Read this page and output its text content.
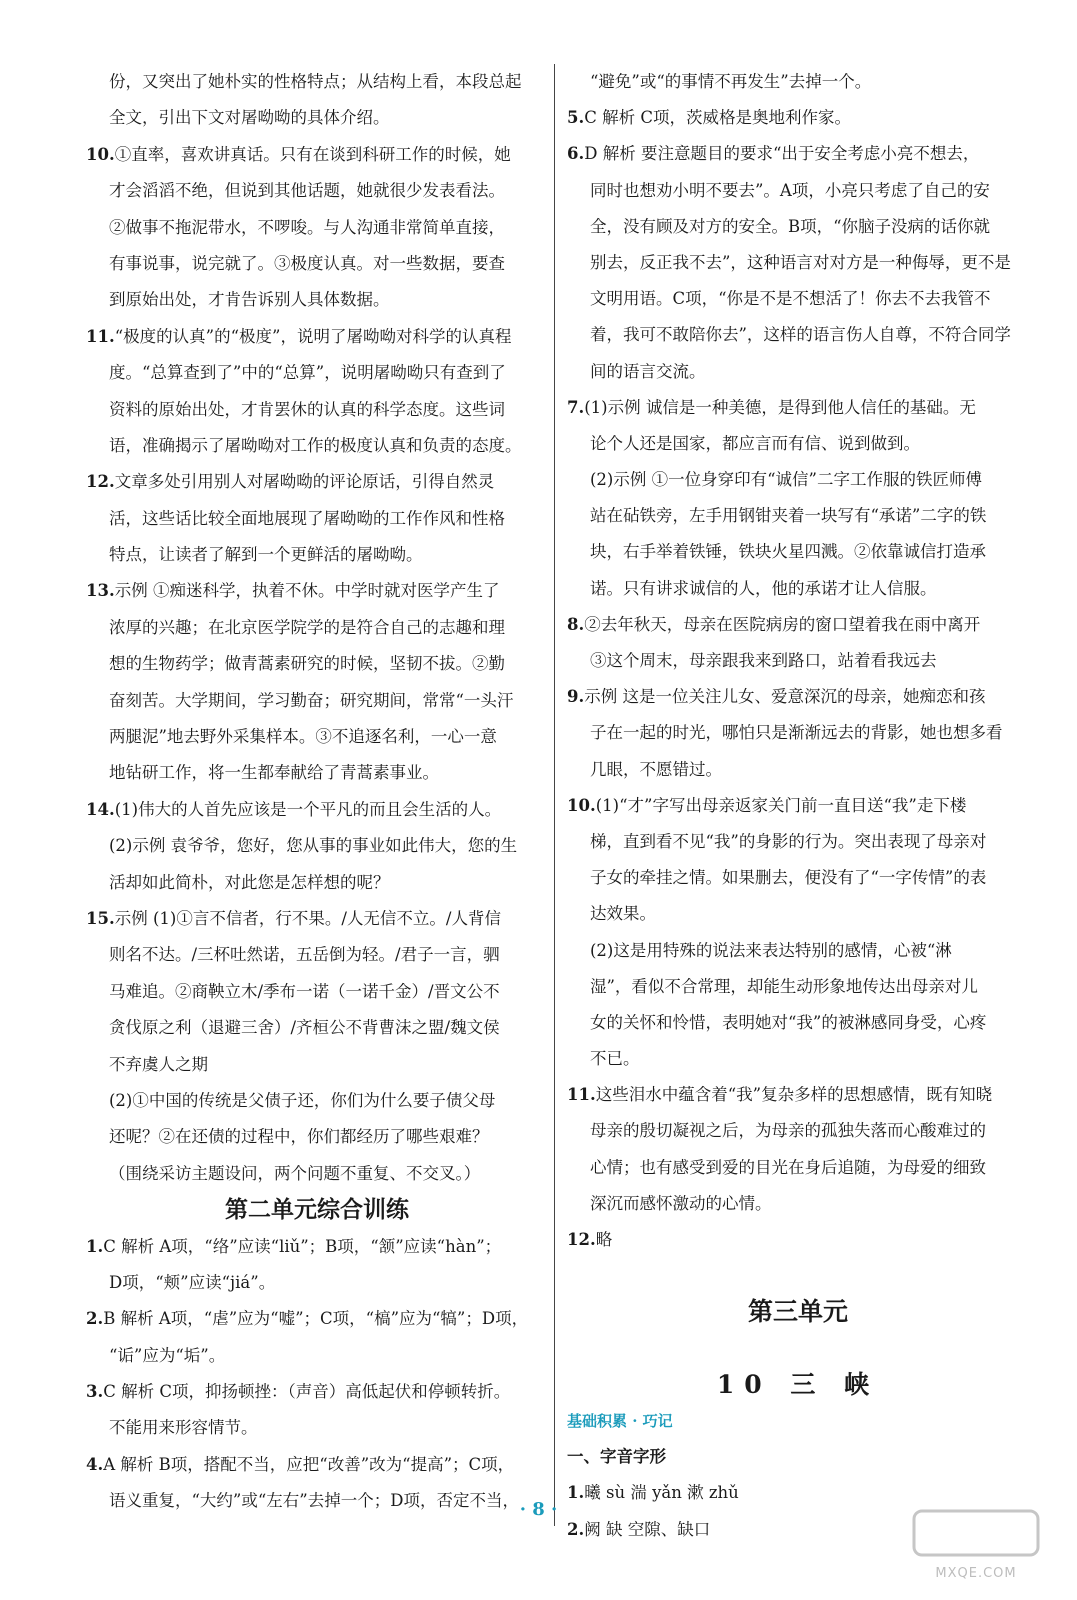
份，又突出了她朴实的性格特点；从结构上看，本段总起
全文，引出下文对屠呦呦的具体介绍。
10.①直率，喜欢讲真话。只有在谈到科研工作的时候，她
才会滔滔不绝，但说到其他话题，她就很少发表看法。
②做事不拖泥带水，不啰唆。与人沟通非常简单直接，
有事说事，说完就了。③极度认真。对一些数据，要查
到原始出处，才肯告诉别人具体数据。
11.“极度的认真”的“极度”，说明了屠呦呦对科学的认真程
度。“总算查到了”中的“总算”，说明屠呦呦只有查到了
资料的原始出处，才肯罢休的认真的科学态度。这些词
语，准确揭示了屠呦呦对工作的极度认真和负责的态度。
12.文章多处引用别人对屠呦呦的评论原话，引得自然灵
活，这些话比较全面地展现了屠呦呦的工作作风和性格
特点，让读者了解到一个更鲜活的屠呦呦。
13.示例 ①痴迷科学，执着不休。中学时就对医学产生了
浓厚的兴趣；在北京医学院学的是符合自己的志趣和理
想的生物药学；做青蒿素研究的时候，坚韧不拔。②勤
奋刻苦。大学期间，学习勤奋；研究期间，常常“一头汗
两腿泥”地去野外采集样本。③不追逐名利，一心一意
地钻研工作，将一生都奉献给了青蒿素事业。
14.(1)伟大的人首先应该是一个平凡的而且会生活的人。
(2)示例 袁爷爷，您好，您从事的事业如此伟大，您的生
活却如此简朴，对此您是怎样想的呢？
15.示例 (1)①言不信者，行不果。/人无信不立。/人背信
则名不达。/三杯吐然诺，五岳倒为轻。/君子一言，驷
马难追。②商鞅立木/季布一诺（一诺千金）/晋文公不
贪伐原之利（退避三舍）/齐桓公不背曹沫之盟/魏文侯
不弃虞人之期
(2)①中国的传统是父债子还，你们为什么要子债父母
还呢？②在还债的过程中，你们都经历了哪些艰难？
（围绕采访主题设问，两个问题不重复、不交叉。）
第二单元综合训练
1.C 解析 A项，“络”应读“liǔ”；B项，“颔”应读“hàn”；
D项，“颊”应读“jiá”。
2.B 解析 A项，“虐”应为“嘘”；C项，“槁”应为“犒”；D项，
“诟”应为“垢”。
3.C 解析 C项，抑扬顿挫：（声音）高低起伏和停顿转折。
不能用来形容情节。
4.A 解析 B项，搭配不当，应把“改善”改为“提高”；C项，
语义重复，“大约”或“左右”去掉一个；D项，否定不当，
“避免”或“的事情不再发生”去掉一个。
5.C 解析 C项，茨威格是奥地利作家。
6.D 解析 要注意题目的要求“出于安全考虑小亮不想去，
同时也想劝小明不要去”。A项，小亮只考虑了自己的安
全，没有顾及对方的安全。B项，“你脑子没病的话你就
别去，反正我不去”，这种语言对对方是一种侮辱，更不是
文明用语。C项，“你是不是不想活了！你去不去我管不
着，我可不敢陪你去”，这样的语言伤人自尊，不符合同学
间的语言交流。
7.(1)示例 诚信是一种美德，是得到他人信任的基础。无
论个人还是国家，都应言而有信、说到做到。
(2)示例 ①一位身穿印有“诚信”二字工作服的铁匠师傅
站在砧铁旁，左手用钢钳夹着一块写有“承诺”二字的铁
块，右手举着铁锤，铁块火星四溅。②依靠诚信打造承
诺。只有讲求诚信的人，他的承诺才让人信服。
8.②去年秋天，母亲在医院病房的窗口望着我在雨中离开
③这个周末，母亲跟我来到路口，站着看我远去
9.示例 这是一位关注儿女、爱意深沉的母亲，她痴恋和孩
子在一起的时光，哪怕只是渐渐远去的背影，她也想多看
几眼，不愿错过。
10.(1)“才”字写出母亲返家关门前一直目送“我”走下楼
梯，直到看不见“我”的身影的行为。突出表现了母亲对
子女的牵挂之情。如果删去，便没有了“一字传情”的表
达效果。
(2)这是用特殊的说法来表达特别的感情，心被“淋
湿”，看似不合常理，却能生动形象地传达出母亲对儿
女的关怀和怜惜，表明她对“我”的被淋感同身受，心疼
不已。
11.这些泪水中蕴含着“我”复杂多样的思想感情，既有知晓
母亲的殷切凝视之后，为母亲的孤独失落而心酸难过的
心情；也有感受到爱的目光在身后追随，为母爱的细致
深沉而感怀激动的心情。
12.略
第三单元
10 三 峡
基础积累 · 巧记
一、字音字形
1.曦 sù 湍 yǎn 漱 zhǔ
2.阙 缺 空隙、缺口
· 8 ·
MXQE.COM
